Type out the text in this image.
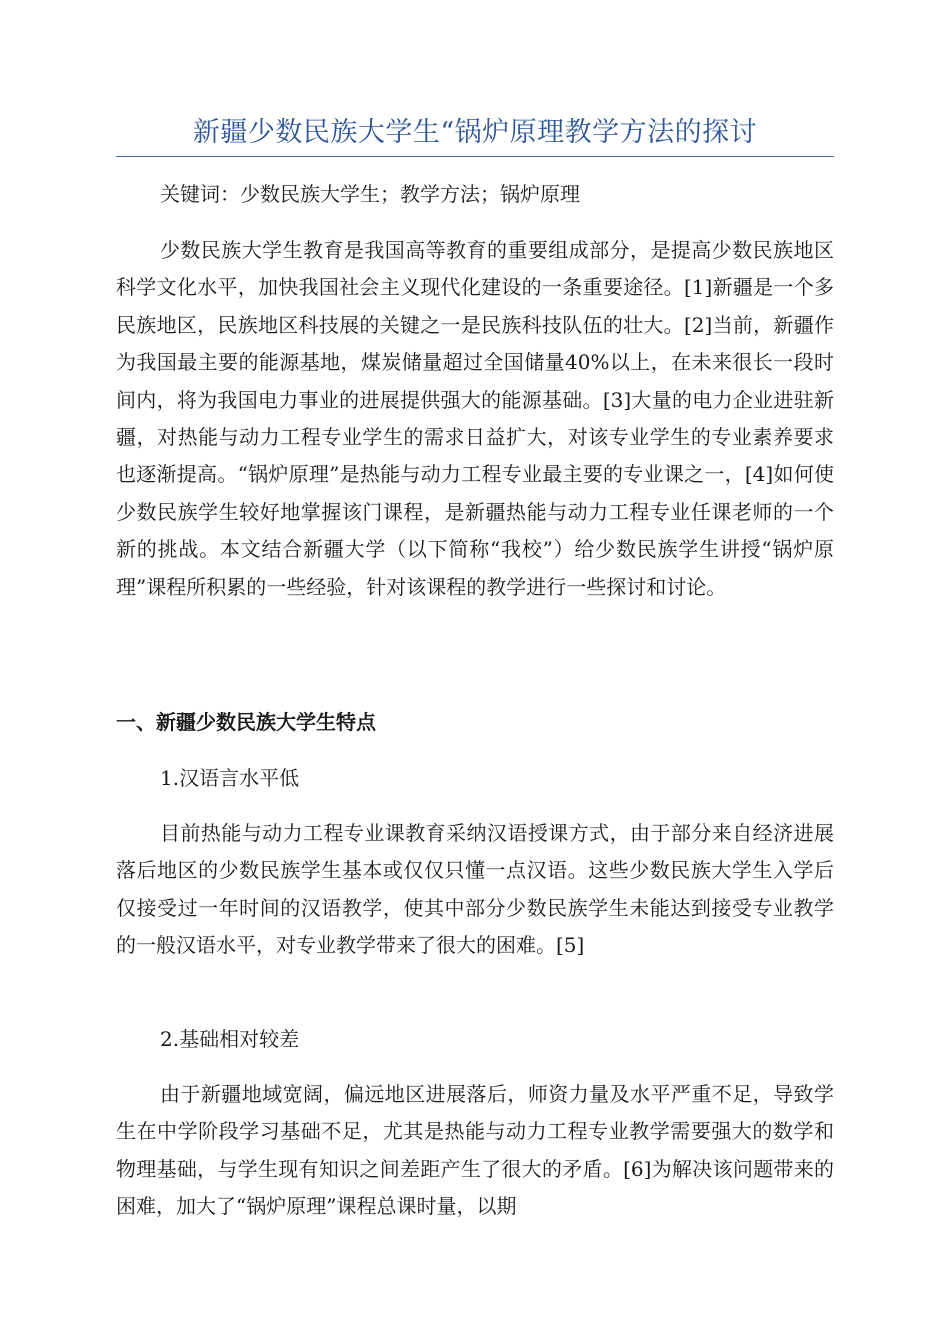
新疆少数民族大学生“锅炉原理教学方法的探讨

关键词：少数民族大学生；教学方法；锅炉原理

少数民族大学生教育是我国高等教育的重要组成部分，是提高少数民族地区科学文化水平，加快我国社会主义现代化建设的一条重要途径。[1]新疆是一个多民族地区，民族地区科技展的关键之一是民族科技队伍的壮大。[2]当前，新疆作为我国最主要的能源基地，煤炭储量超过全国储量40%以上，在未来很长一段时间内，将为我国电力事业的进展提供强大的能源基础。[3]大量的电力企业进驻新疆，对热能与动力工程专业学生的需求日益扩大，对该专业学生的专业素养要求也逐渐提高。“锅炉原理”是热能与动力工程专业最主要的专业课之一，[4]如何使少数民族学生较好地掌握该门课程，是新疆热能与动力工程专业任课老师的一个新的挑战。本文结合新疆大学（以下简称“我校”）给少数民族学生讲授“锅炉原理”课程所积累的一些经验，针对该课程的教学进行一些探讨和讨论。

一、新疆少数民族大学生特点

1.汉语言水平低

目前热能与动力工程专业课教育采纳汉语授课方式，由于部分来自经济进展落后地区的少数民族学生基本或仅仅只懂一点汉语。这些少数民族大学生入学后仅接受过一年时间的汉语教学，使其中部分少数民族学生未能达到接受专业教学的一般汉语水平，对专业教学带来了很大的困难。[5]

2.基础相对较差

由于新疆地域宽阔，偏远地区进展落后，师资力量及水平严重不足，导致学生在中学阶段学习基础不足，尤其是热能与动力工程专业教学需要强大的数学和物理基础，与学生现有知识之间差距产生了很大的矛盾。[6]为解决该问题带来的困难，加大了“锅炉原理”课程总课时量，以期
